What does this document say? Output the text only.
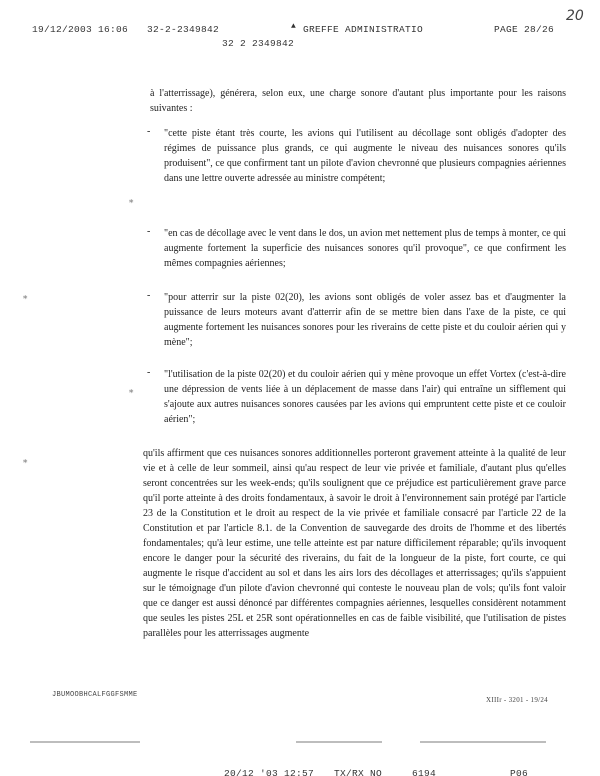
19/12/2003 16:06 32-2-2349842	▲ GREFFE ADMINISTRATIO	PAGE 28/26
32 2 2349842
20
à l'atterrissage), générera, selon eux, une charge sonore d'autant plus importante pour les raisons suivantes :
- "cette piste étant très courte, les avions qui l'utilisent au décollage sont obligés d'adopter des régimes de puissance plus grands, ce qui augmente le niveau des nuisances sonores qu'ils produisent", ce que confirment tant un pilote d'avion chevronné que plusieurs compagnies aériennes dans une lettre ouverte adressée au ministre compétent;
∗
- "en cas de décollage avec le vent dans le dos, un avion met nettement plus de temps à monter, ce qui augmente fortement la superficie des nuisances sonores qu'il provoque", ce que confirment les mêmes compagnies aériennes;
- "pour atterrir sur la piste 02(20), les avions sont obligés de voler assez bas et d'augmenter la puissance de leurs moteurs avant d'atterrir afin de se mettre bien dans l'axe de la piste, ce qui augmente fortement les nuisances sonores pour les riverains de cette piste et du couloir aérien qui y mène";
∗
- "l'utilisation de la piste 02(20) et du couloir aérien qui y mène provoque un effet Vortex (c'est-à-dire une dépression de vents liée à un déplacement de masse dans l'air) qui entraîne un sifflement qui s'ajoute aux autres nuisances sonores causées par les avions qui empruntent cette piste et ce couloir aérien";
∗
qu'ils affirment que ces nuisances sonores additionnelles porteront gravement atteinte à la qualité de leur vie et à celle de leur sommeil, ainsi qu'au respect de leur vie privée et familiale, d'autant plus qu'elles seront concentrées sur les week-ends; qu'ils soulignent que ce préjudice est particulièrement grave parce qu'il porte atteinte à des droits fondamentaux, à savoir le droit à l'environnement sain protégé par l'article 23 de la Constitution et le droit au respect de la vie privée et familiale consacré par l'article 22 de la Constitution et par l'article 8.1. de la Convention de sauvegarde des droits de l'homme et des libertés fondamentales; qu'à leur estime, une telle atteinte est par nature difficilement réparable; qu'ils invoquent encore le danger pour la sécurité des riverains, du fait de la longueur de la piste, fort courte, ce qui augmente le risque d'accident au sol et dans les airs lors des décollages et atterrissages; qu'ils s'appuient sur le témoignage d'un pilote d'avion chevronné qui conteste le nouveau plan de vols; qu'ils font valoir que ce danger est aussi dénoncé par différentes compagnies aériennes, lesquelles considèrent notamment que seules les pistes 25L et 25R sont opérationnelles en cas de faible visibilité, que l'utilisation de pistes parallèles pour les atterrissages augmente
∗
JBUMOOBHCALFGGFSMME
XIIIr - 3201 - 19/24
20/12 '03 12:57 TX/RX NO	6194	P06
